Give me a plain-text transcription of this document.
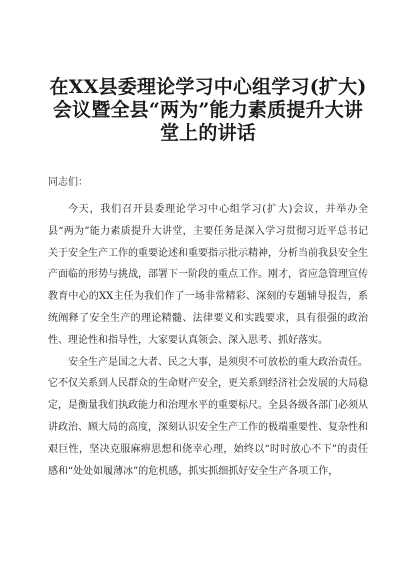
在XX县委理论学习中心组学习(扩大)会议暨全县“两为”能力素质提升大讲堂上的讲话

同志们：

今天，我们召开县委理论学习中心组学习(扩大)会议，并举办全县“两为”能力素质提升大讲堂，主要任务是深入学习贯彻习近平总书记关于安全生产工作的重要论述和重要指示批示精神，分析当前我县安全生产面临的形势与挑战，部署下一阶段的重点工作。刚才，省应急管理宣传教育中心的XX主任为我们作了一场非常精彩、深刻的专题辅导报告，系统阐释了安全生产的理论精髓、法律要义和实践要求，具有很强的政治性、理论性和指导性，大家要认真领会、深入思考、抓好落实。

安全生产是国之大者、民之大事，是须臾不可放松的重大政治责任。它不仅关系到人民群众的生命财产安全，更关系到经济社会发展的大局稳定，是衡量我们执政能力和治理水平的重要标尺。全县各级各部门必须从讲政治、顾大局的高度，深刻认识安全生产工作的极端重要性、复杂性和艰巨性，坚决克服麻痹思想和侥幸心理，始终以“时时放心不下”的责任感和“处处如履薄冰”的危机感，抓实抓细抓好安全生产各项工作，
